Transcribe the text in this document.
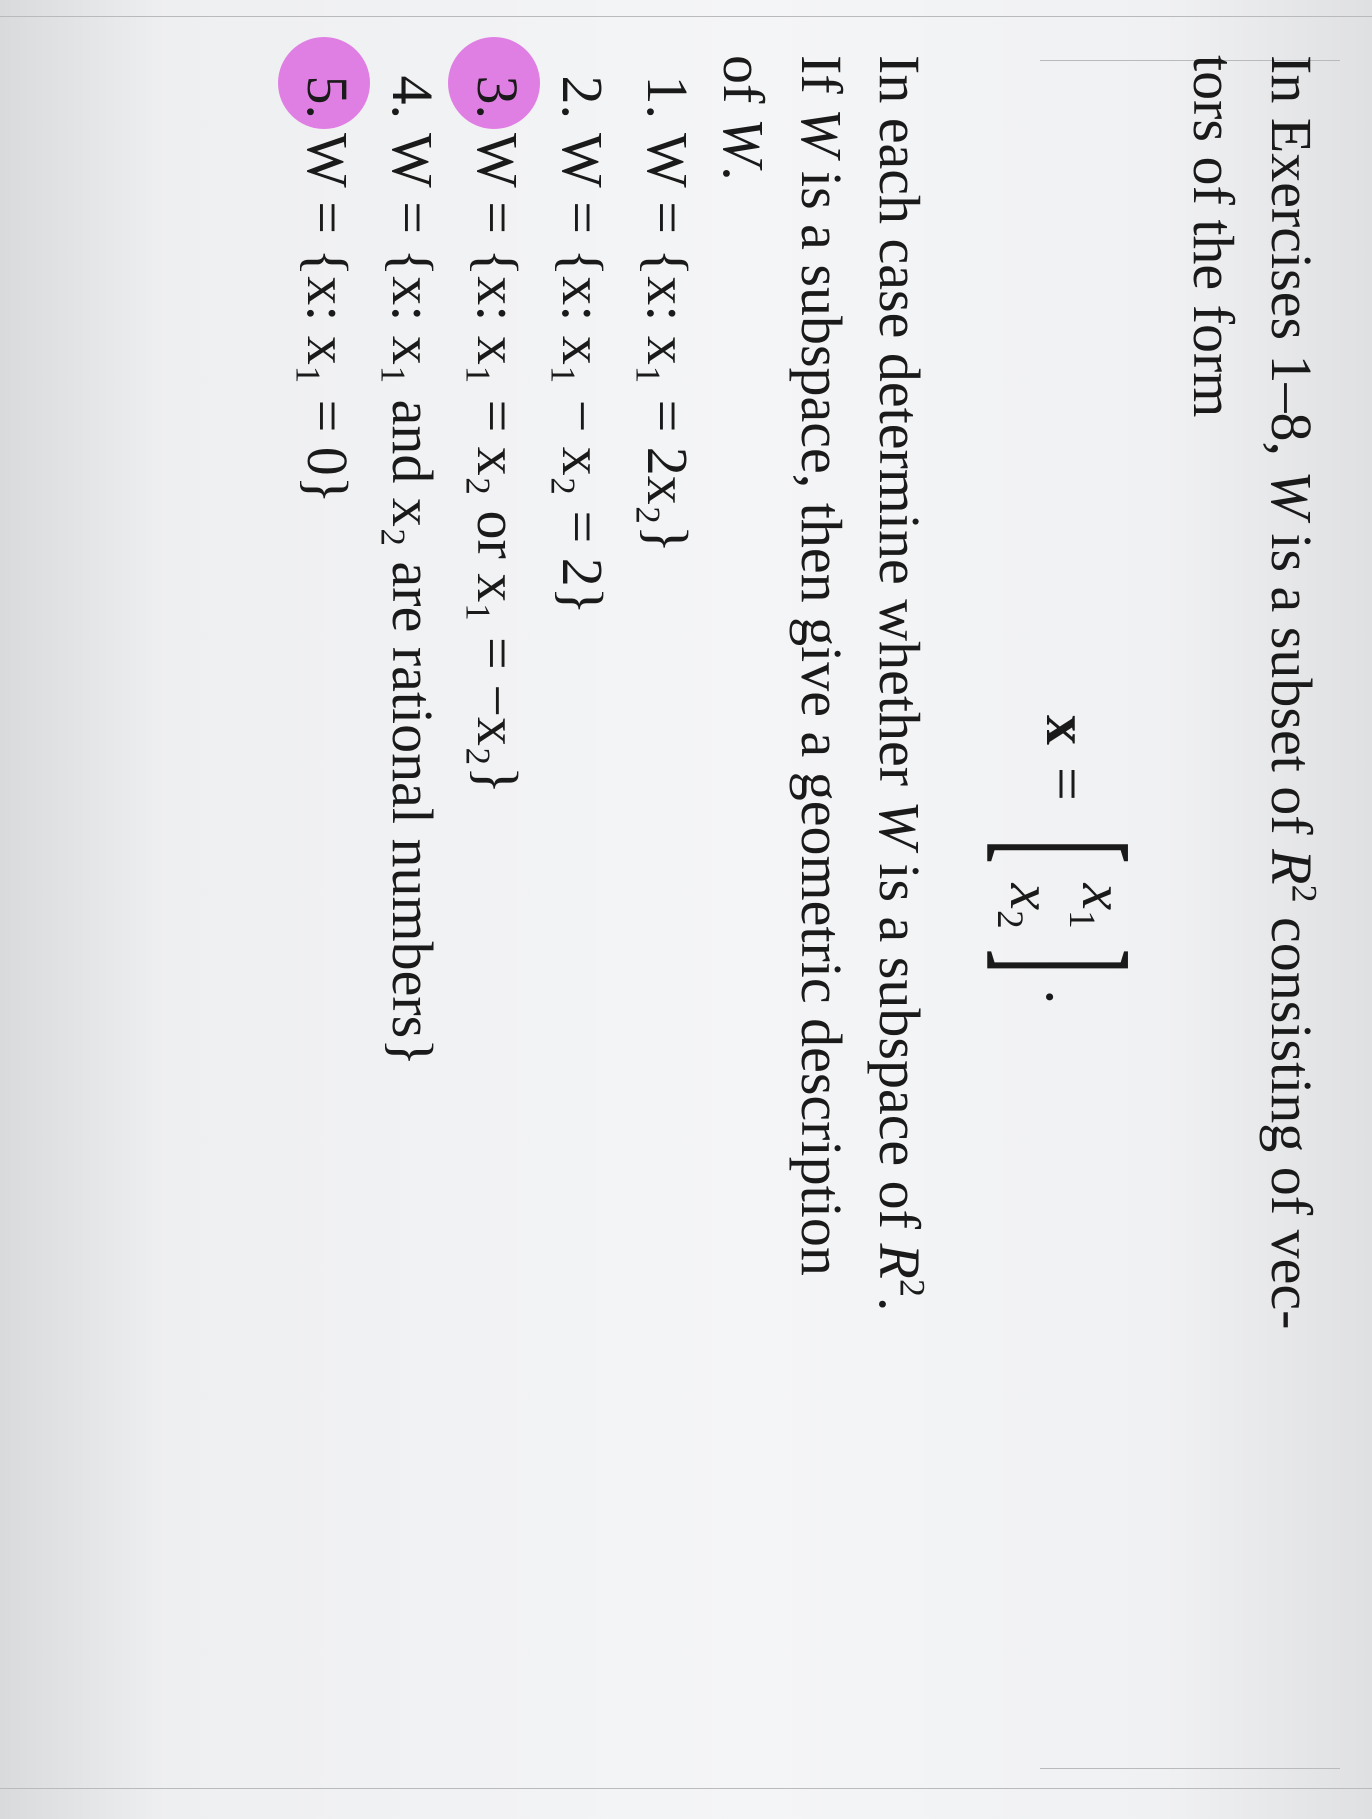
In Exercises 1–8, W is a subset of $R^2$ consisting of vec-
tors of the form
x
=
[
$x_1$
$x_2$
]
.
In each case determine whether W is a subspace of $R^2$.
If W is a subspace, then give a geometric description
of W.
1.W = {x: x₁ = 2x₂}
2.W = {x: x₁ − x₂ = 2}
3.W = {x: x₁ = x₂ or x₁ = −x₂}
4.W = {x: x₁ and x₂ are rational numbers}
5.W = {x: x₁ = 0}
